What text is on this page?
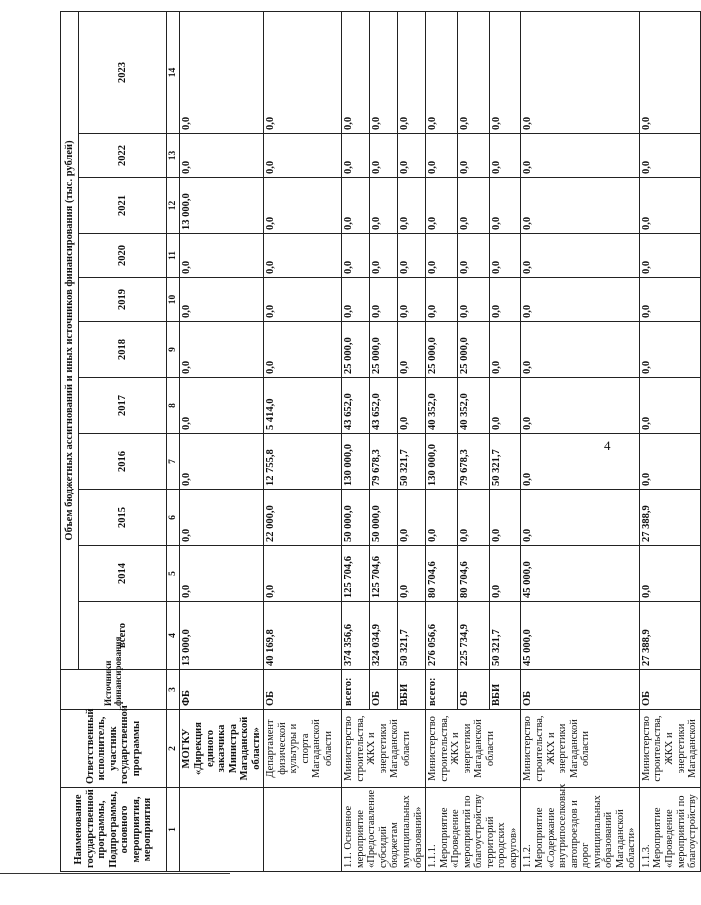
4
Наименование государственной программы, Подпрограммы, основного мероприятия, мероприятия	Ответственный исполнитель, участник государственной программы	Источники финансирования	Объем бюджетных ассигнований и иных источников финансирования (тыс. рублей)										
			всего	2014	2015	2016	2017	2018	2019	2020	2021	2022	2023
1	2	3	4	5	6	7	8	9	10	11	12	13	14
	МОГКУ «Дирекция единого заказчика Министра Магаданской области»	ФБ	13 000,0	0,0	0,0	0,0	0,0	0,0	0,0	0,0	13 000,0	0,0	0,0
	Департамент физической культуры и спорта Магаданской области	ОБ	40 169,8	0,0	22 000,0	12 755,8	5 414,0	0,0	0,0	0,0	0,0	0,0	0,0
1.1. Основное мероприятие «Предоставление субсидий бюджетам муниципальных образований»	Министерство строительства, ЖКХ и энергетики Магаданской области	всего:	374 356,6	125 704,6	50 000,0	130 000,0	43 652,0	25 000,0	0,0	0,0	0,0	0,0	0,0
		ОБ	324 034,9	125 704,6	50 000,0	79 678,3	43 652,0	25 000,0	0,0	0,0	0,0	0,0	0,0
		ВБИ	50 321,7	0,0	0,0	50 321,7	0,0	0,0	0,0	0,0	0,0	0,0	0,0
1.1.1. Мероприятие «Проведение мероприятий по благоустройству территорий городских округов»	Министерство строительства, ЖКХ и энергетики Магаданской области	всего:	276 056,6	80 704,6	0,0	130 000,0	40 352,0	25 000,0	0,0	0,0	0,0	0,0	0,0
		ОБ	225 734,9	80 704,6	0,0	79 678,3	40 352,0	25 000,0	0,0	0,0	0,0	0,0	0,0
		ВБИ	50 321,7	0,0	0,0	50 321,7	0,0	0,0	0,0	0,0	0,0	0,0	0,0
1.1.2. Мероприятие «Содержание внутрипоселковых автопроездов и дорог муниципальных образований Магаданской области»	Министерство строительства, ЖКХ и энергетики Магаданской области	ОБ	45 000,0	45 000,0	0,0	0,0	0,0	0,0	0,0	0,0	0,0	0,0	0,0
1.1.3. Мероприятие «Проведение мероприятий по благоустройству	Министерство строительства, ЖКХ и энергетики Магаданской	ОБ	27 388,9	0,0	27 388,9	0,0	0,0	0,0	0,0	0,0	0,0	0,0	0,0
